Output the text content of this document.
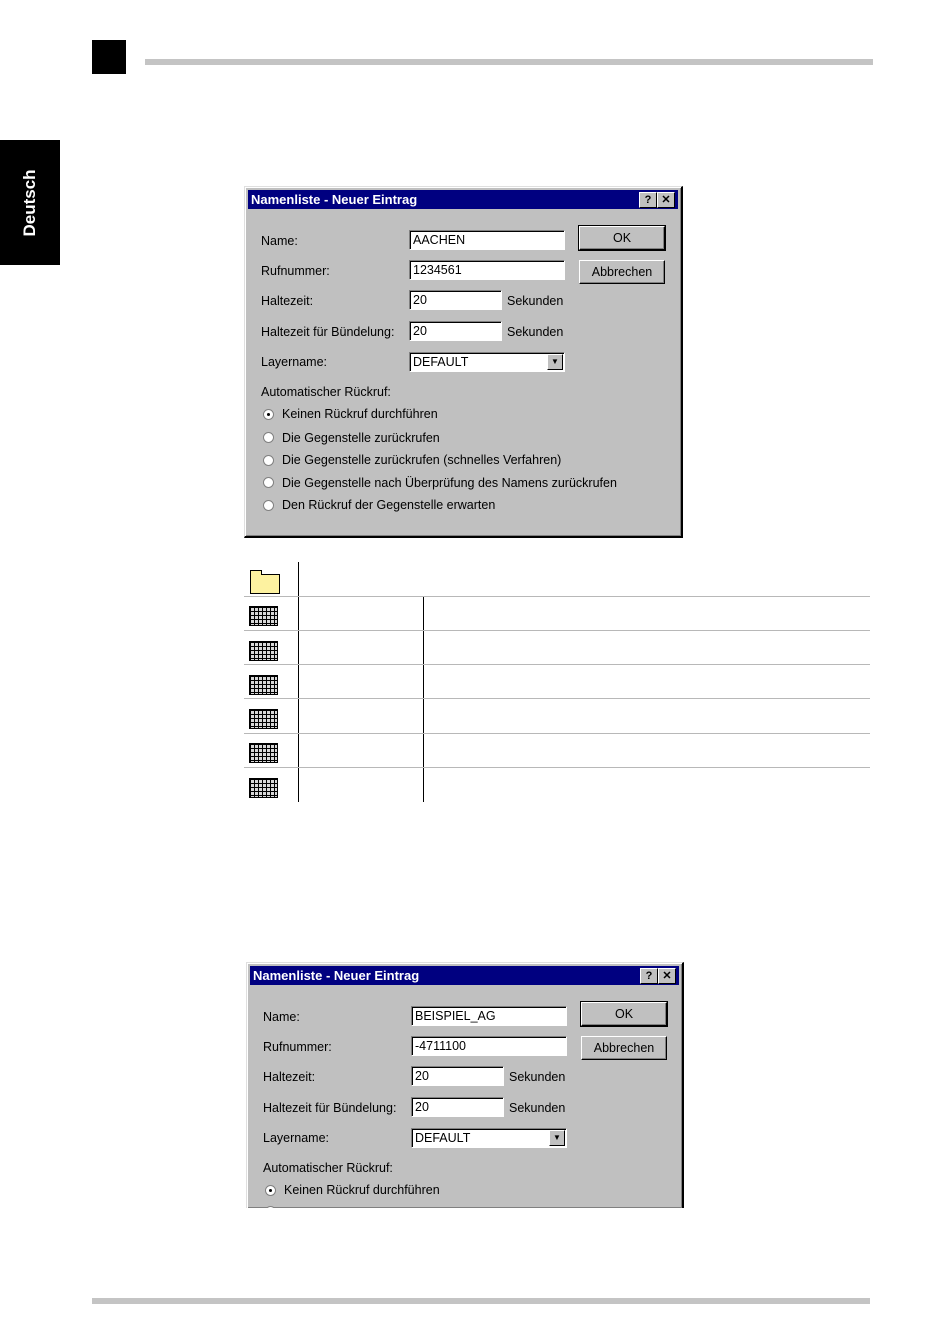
Deutsch	Namenliste - Neuer Eintrag	? ✕
Name:	AACHEN
Rufnummer:	1234561
Haltezeit:	20	Sekunden
Haltezeit für Bündelung:	20	Sekunden
Layername:	DEFAULT	▼
OK
Abbrechen
Automatischer Rückruf:
Keinen Rückruf durchführen
Die Gegenstelle zurückrufen
Die Gegenstelle zurückrufen (schnelles Verfahren)
Die Gegenstelle nach Überprüfung des Namens zurückrufen
Den Rückruf der Gegenstelle erwarten
Namenliste - Neuer Eintrag	? ✕
Name:	BEISPIEL_AG
Rufnummer:	-4711100
Haltezeit:	20	Sekunden
Haltezeit für Bündelung:	20	Sekunden
Layername:	DEFAULT	▼
OK
Abbrechen
Automatischer Rückruf:
Keinen Rückruf durchführen
